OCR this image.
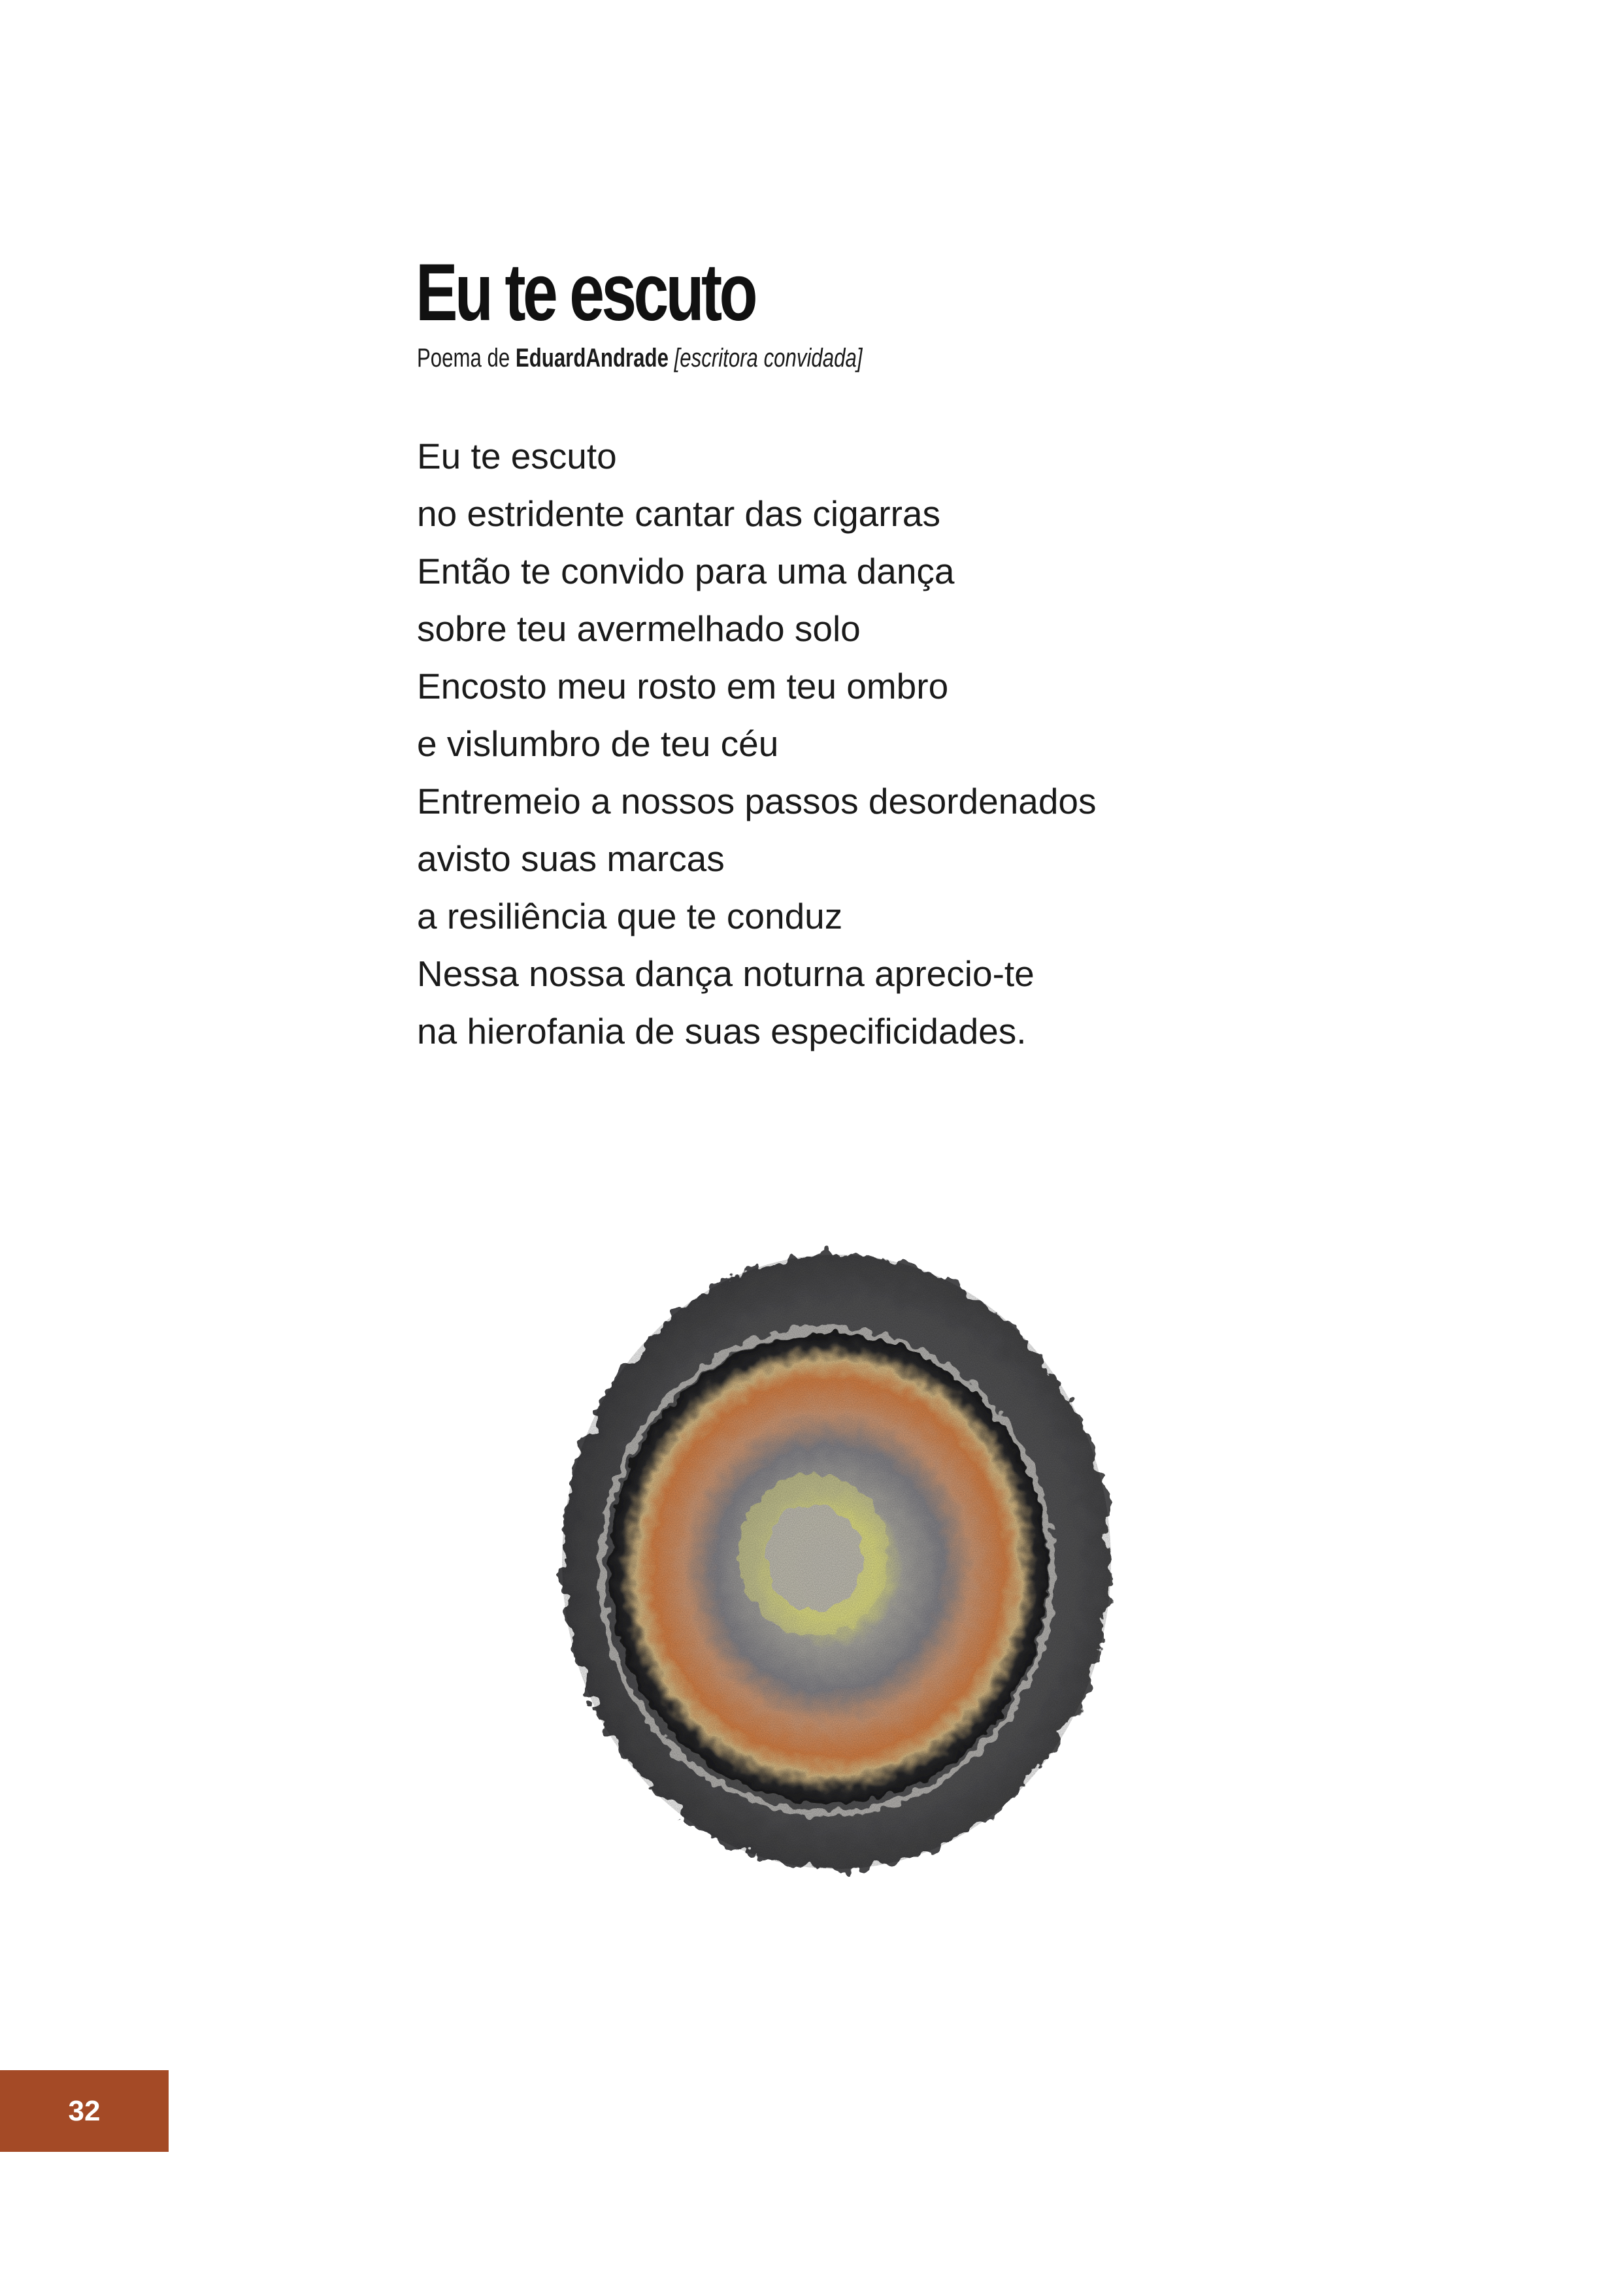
Eu te escuto
Poema de EduardAndrade [escritora convidada]
Eu te escuto
no estridente cantar das cigarras
Então te convido para uma dança
sobre teu avermelhado solo
Encosto meu rosto em teu ombro
e vislumbro de teu céu
Entremeio a nossos passos desordenados
avisto suas marcas
a resiliência que te conduz
Nessa nossa dança noturna aprecio-te
na hierofania de suas especificidades.
32
